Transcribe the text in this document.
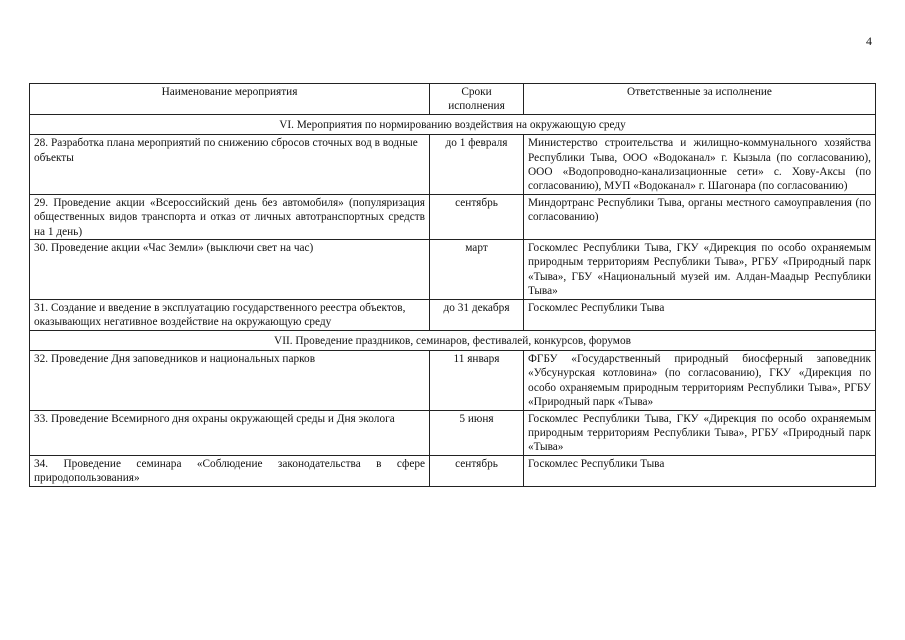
4
Наименование мероприятия	Сроки исполнения	Ответственные за исполнение
VI. Мероприятия по нормированию воздействия на окружающую среду		
28. Разработка плана мероприятий по снижению сбросов сточных вод в водные объекты	до 1 февраля	Министерство строительства и жилищно-коммунального хозяйства Республики Тыва, ООО «Водоканал» г. Кызыла (по согласованию), ООО «Водопроводно-канализационные сети» с. Хову-Аксы (по согласованию), МУП «Водоканал» г. Шагонара (по согласованию)
29. Проведение акции «Всероссийский день без автомобиля» (популяризация общественных видов транспорта и отказ от личных автотранспортных средств на 1 день)	сентябрь	Миндортранс Республики Тыва, органы местного самоуправления (по согласованию)
30. Проведение акции «Час Земли» (выключи свет на час)	март	Госкомлес Республики Тыва, ГКУ «Дирекция по особо охраняемым природным территориям Республики Тыва», РГБУ «Природный парк «Тыва», ГБУ «Национальный музей им. Алдан-Маадыр Республики Тыва»
31. Создание и введение в эксплуатацию государственного реестра объектов, оказывающих негативное воздействие на окружающую среду	до 31 декабря	Госкомлес Республики Тыва
VII. Проведение праздников, семинаров, фестивалей, конкурсов, форумов		
32. Проведение Дня заповедников и национальных парков	11 января	ФГБУ «Государственный природный биосферный заповедник «Убсунурская котловина» (по согласованию), ГКУ «Дирекция по особо охраняемым природным территориям Республики Тыва», РГБУ «Природный парк «Тыва»
33. Проведение Всемирного дня охраны окружающей среды и Дня эколога	5 июня	Госкомлес Республики Тыва, ГКУ «Дирекция по особо охраняемым природным территориям Республики Тыва», РГБУ «Природный парк «Тыва»
34. Проведение семинара «Соблюдение законодательства в сфере природопользования»	сентябрь	Госкомлес Республики Тыва
